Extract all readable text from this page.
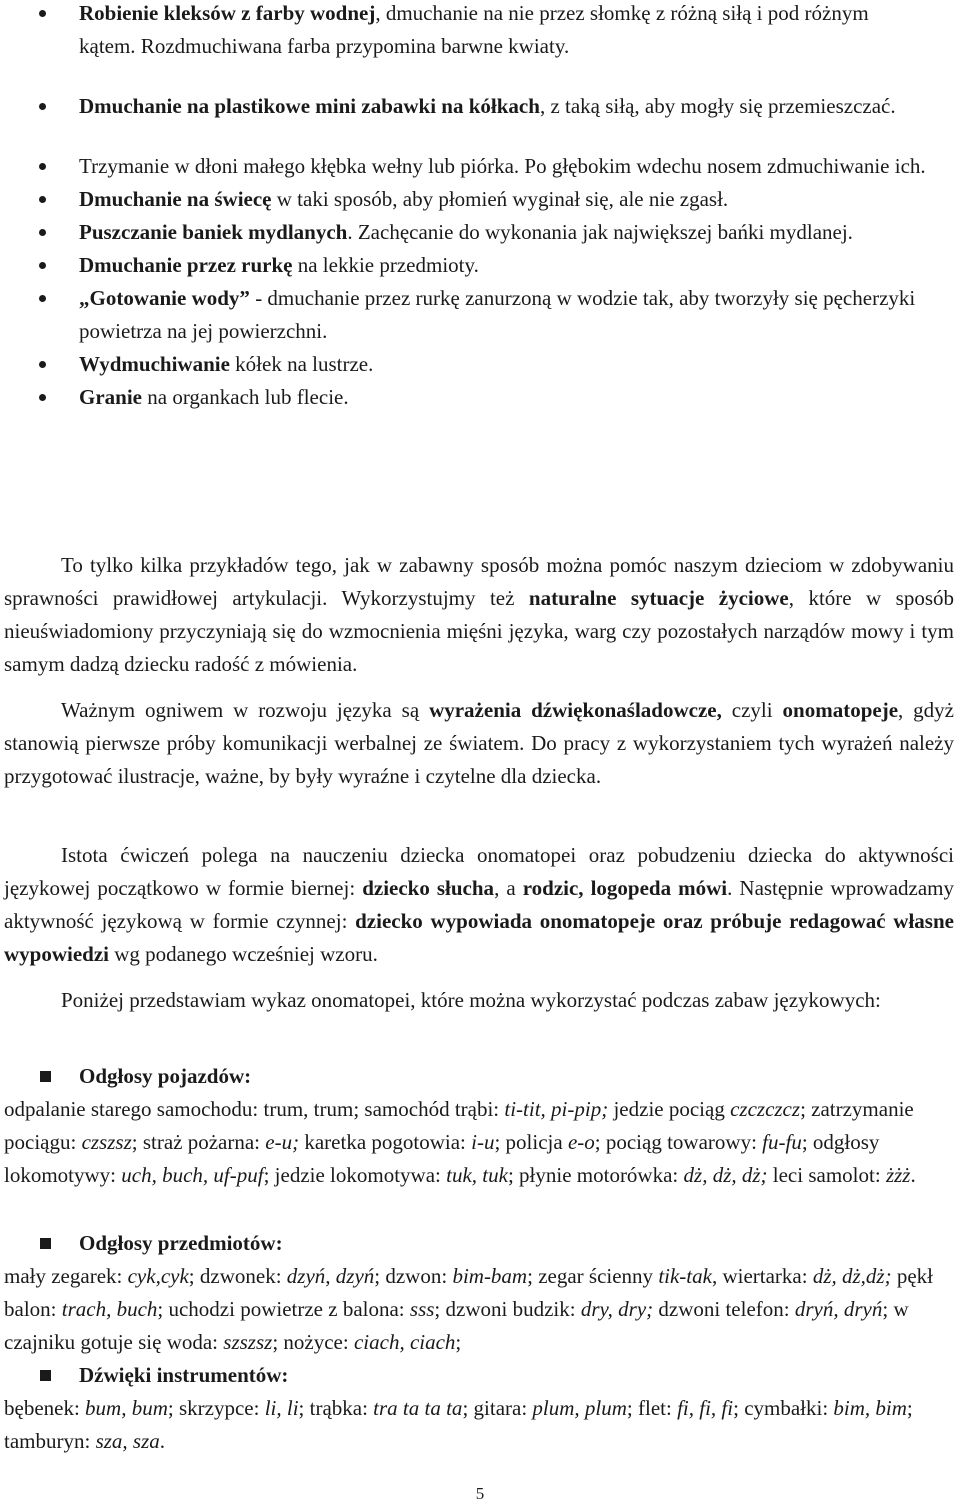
Robienie kleksów z farby wodnej, dmuchanie na nie przez słomkę z różną siłą i pod różnym kątem. Rozdmuchiwana farba przypomina barwne kwiaty.
Dmuchanie na plastikowe mini zabawki na kółkach, z taką siłą, aby mogły się przemieszczać.
Trzymanie w dłoni małego kłębka wełny lub piórka. Po głębokim wdechu nosem zdmuchiwanie ich.
Dmuchanie na świecę w taki sposób, aby płomień wyginał się, ale nie zgasł.
Puszczanie baniek mydlanych. Zachęcanie do wykonania jak największej bańki mydlanej.
Dmuchanie przez rurkę na lekkie przedmioty.
„Gotowanie wody” - dmuchanie przez rurkę zanurzoną w wodzie tak, aby tworzyły się pęcherzyki powietrza na jej powierzchni.
Wydmuchiwanie kółek na lustrze.
Granie na organkach lub flecie.

To tylko kilka przykładów tego, jak w zabawny sposób można pomóc naszym dzieciom w zdobywaniu sprawności prawidłowej artykulacji. Wykorzystujmy też naturalne sytuacje życiowe, które w sposób nieuświadomiony przyczyniają się do wzmocnienia mięśni języka, warg czy pozostałych narządów mowy i tym samym dadzą dziecku radość z mówienia.

Ważnym ogniwem w rozwoju języka są wyrażenia dźwiękonaśladowcze, czyli onomatopeje, gdyż stanowią pierwsze próby komunikacji werbalnej ze światem. Do pracy z wykorzystaniem tych wyrażeń należy przygotować ilustracje, ważne, by były wyraźne i czytelne dla dziecka.

Istota ćwiczeń polega na nauczeniu dziecka onomatopei oraz pobudzeniu dziecka do aktywności językowej początkowo w formie biernej: dziecko słucha, a rodzic, logopeda mówi. Następnie wprowadzamy aktywność językową w formie czynnej: dziecko wypowiada onomatopeje oraz próbuje redagować własne wypowiedzi wg podanego wcześniej wzoru.

Poniżej przedstawiam wykaz onomatopei, które można wykorzystać podczas zabaw językowych:

Odgłosy pojazdów:

odpalanie starego samochodu: trum, trum; samochód trąbi: ti-tit, pi-pip; jedzie pociąg czczczcz; zatrzymanie pociągu: czszsz; straż pożarna: e-u; karetka pogotowia: i-u; policja e-o; pociąg towarowy: fu-fu; odgłosy lokomotywy: uch, buch, uf-puf; jedzie lokomotywa: tuk, tuk; płynie motorówka: dż, dż, dż; leci samolot: żżż.

Odgłosy przedmiotów:

mały zegarek: cyk,cyk; dzwonek: dzyń, dzyń; dzwon: bim-bam; zegar ścienny tik-tak, wiertarka: dż, dż,dż; pękł balon: trach, buch; uchodzi powietrze z balona: sss; dzwoni budzik: dry, dry; dzwoni telefon: dryń, dryń; w czajniku gotuje się woda: szszsz; nożyce: ciach, ciach;

Dźwięki instrumentów:

bębenek: bum, bum; skrzypce: li, li; trąbka: tra ta ta ta; gitara: plum, plum; flet: fi, fi, fi; cymbałki: bim, bim; tamburyn: sza, sza.

5
